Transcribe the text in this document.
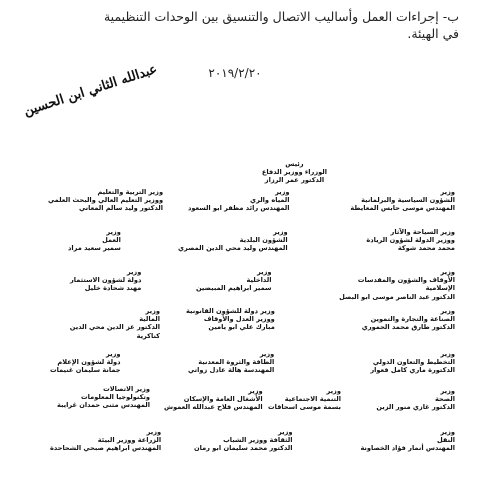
ب- إجراءات العمل وأساليب الاتصال والتنسيق بين الوحدات التنظيمية
في الهيئة.
٢٠١٩/٢/٢٠
عبدالله الثاني ابن الحسين
رئيس
الوزراء ووزير الدفاع
الدكتور عمر الرزاز
وزير التربية والتعليم
ووزير التعليم العالي والبحث العلمي
الدكتور وليد سالم المعاني
وزير
المياه والري
المهندس رائد مظفر ابو السعود
وزير
الشؤون السياسية والبرلمانية
المهندس موسى حابس المعايطة
وزير
العمل
سمير سعيد مراد
وزير
الشؤون البلدية
المهندس وليد محي الدين المصري
وزير السياحة والآثار
ووزير الدولة لشؤون الريادة
محمد محمد شوكة
وزير
دولة لشؤون الاستثمار
مهند شحادة خليل
وزير
الداخلية
سمير ابراهيم المبيضين
وزير
الأوقاف والشؤون والمقدسات الإسلامية
الدكتور عبد الناصر موسى ابو البصل
وزير
المالية
الدكتور عز الدين محي الدين كناكرية
وزير دولة للشؤون القانونية
ووزير العدل والأوقاف
مبارك علي ابو يامين
وزير
الصناعة والتجارة والتموين
الدكتور طارق محمد الحموري
وزير
دولة لشؤون الإعلام
جمانة سليمان غنيمات
وزير
الطاقة والثروة المعدنية
المهندسة هالة عادل زواتي
وزير
التخطيط والتعاون الدولي
الدكتورة ماري كامل قعوار
وزير الاتصالات
وتكنولوجيا المعلومات
المهندس مثنى حمدان غرايبة
وزير
الأشغال العامة والإسكان
المهندس فلاح عبدالله العموش
وزير
التنمية الاجتماعية
بسمة موسى اسحاقات
وزير
الصحة
الدكتور غازي منور الزبن
وزير
الزراعة ووزير البيئة
المهندس ابراهيم صبحي الشحاحدة
وزير
الثقافة ووزير الشباب
الدكتور محمد سليمان ابو رمان
وزير
النقل
المهندس أنمار فؤاد الخصاونة
